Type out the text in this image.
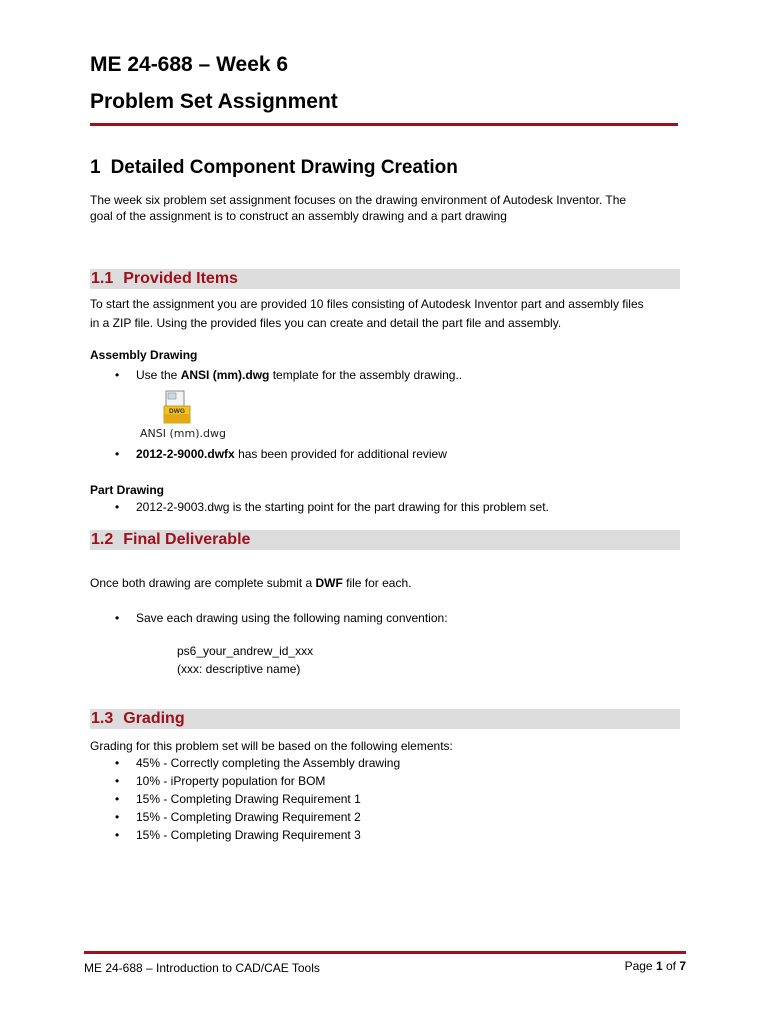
ME 24-688 – Week 6
Problem Set Assignment
1 Detailed Component Drawing Creation

The week six problem set assignment focuses on the drawing environment of Autodesk Inventor. The
goal of the assignment is to construct an assembly drawing and a part drawing

1.1 Provided Items

To start the assignment you are provided 10 files consisting of Autodesk Inventor part and assembly files
in a ZIP file. Using the provided files you can create and detail the part file and assembly.

Assembly Drawing

• Use the ANSI (mm).dwg template for the assembly drawing..
DWG
ANSI (mm).dwg
• 2012-2-9000.dwfx has been provided for additional review

Part Drawing

• 2012-2-9003.dwg is the starting point for the part drawing for this problem set.
1.2 Final Deliverable

Once both drawing are complete submit a DWF file for each.

• Save each drawing using the following naming convention:
ps6_your_andrew_id_xxx
(xxx: descriptive name)
1.3 Grading

Grading for this problem set will be based on the following elements:

• 45% - Correctly completing the Assembly drawing
• 10% - iProperty population for BOM
• 15% - Completing Drawing Requirement 1
• 15% - Completing Drawing Requirement 2
• 15% - Completing Drawing Requirement 3
ME 24-688 – Introduction to CAD/CAE Tools	Page 1 of 7
